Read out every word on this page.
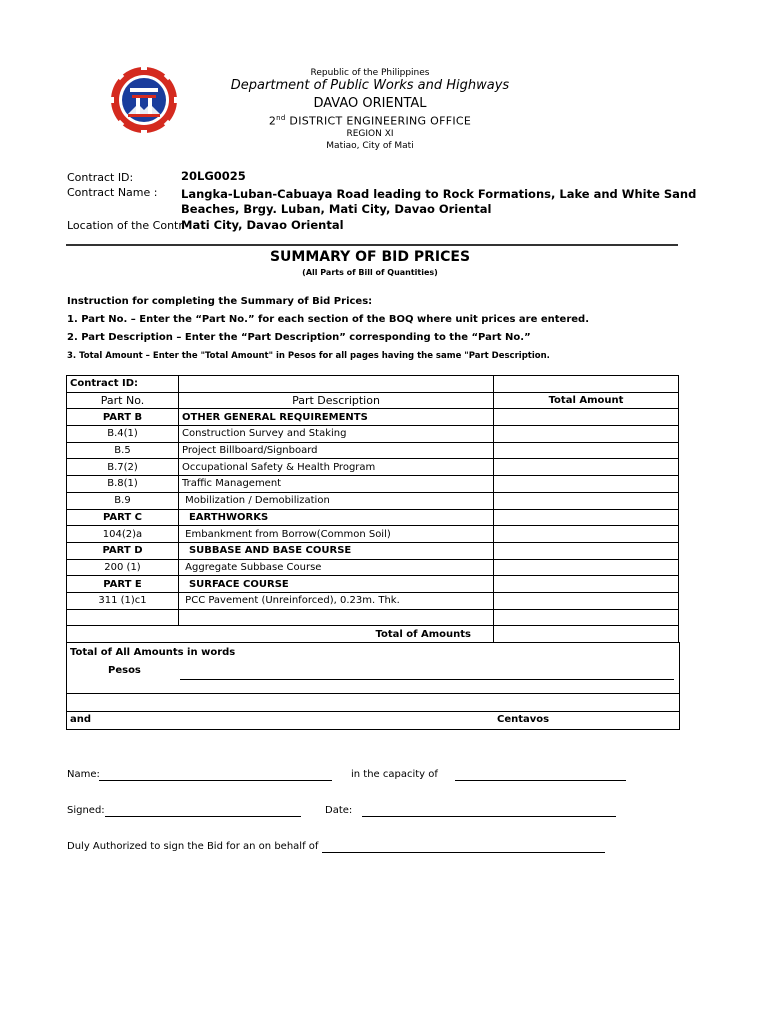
Republic of the Philippines
Department of Public Works and Highways
DAVAO ORIENTAL
2nd DISTRICT ENGINEERING OFFICE
REGION XI
Matiao, City of Mati
Contract ID:	20LG0025
Contract Name : Langka-Luban-Cabuaya Road leading to Rock Formations, Lake and White Sand
Beaches, Brgy. Luban, Mati City, Davao Oriental
Location of the Contr
Mati City, Davao Oriental
SUMMARY OF BID PRICES
(All Parts of Bill of Quantities)
Instruction for completing the Summary of Bid Prices:
1. Part No. – Enter the “Part No.” for each section of the BOQ where unit prices are entered.
2. Part Description – Enter the “Part Description” corresponding to the “Part No.”
3. Total Amount – Enter the "Total Amount" in Pesos for all pages having the same "Part Description.
Contract ID:		
Part No.	Part Description	Total Amount
PART B	OTHER GENERAL REQUIREMENTS	
B.4(1)	Construction Survey and Staking	
B.5	Project Billboard/Signboard	
B.7(2)	Occupational Safety & Health Program	
B.8(1)	Traffic Management	
B.9	Mobilization / Demobilization	
PART C	EARTHWORKS	
104(2)a	Embankment from Borrow(Common Soil)	
PART D	SUBBASE AND BASE COURSE	
200 (1)	Aggregate Subbase Course	
PART E	SURFACE COURSE	
311 (1)c1	PCC Pavement (Unreinforced), 0.23m. Thk.	

Total of Amounts		
Total of All Amounts in words
Pesos
and	Centavos
Name:	in the capacity of
Signed:	Date:
Duly Authorized to sign the Bid for an on behalf of
